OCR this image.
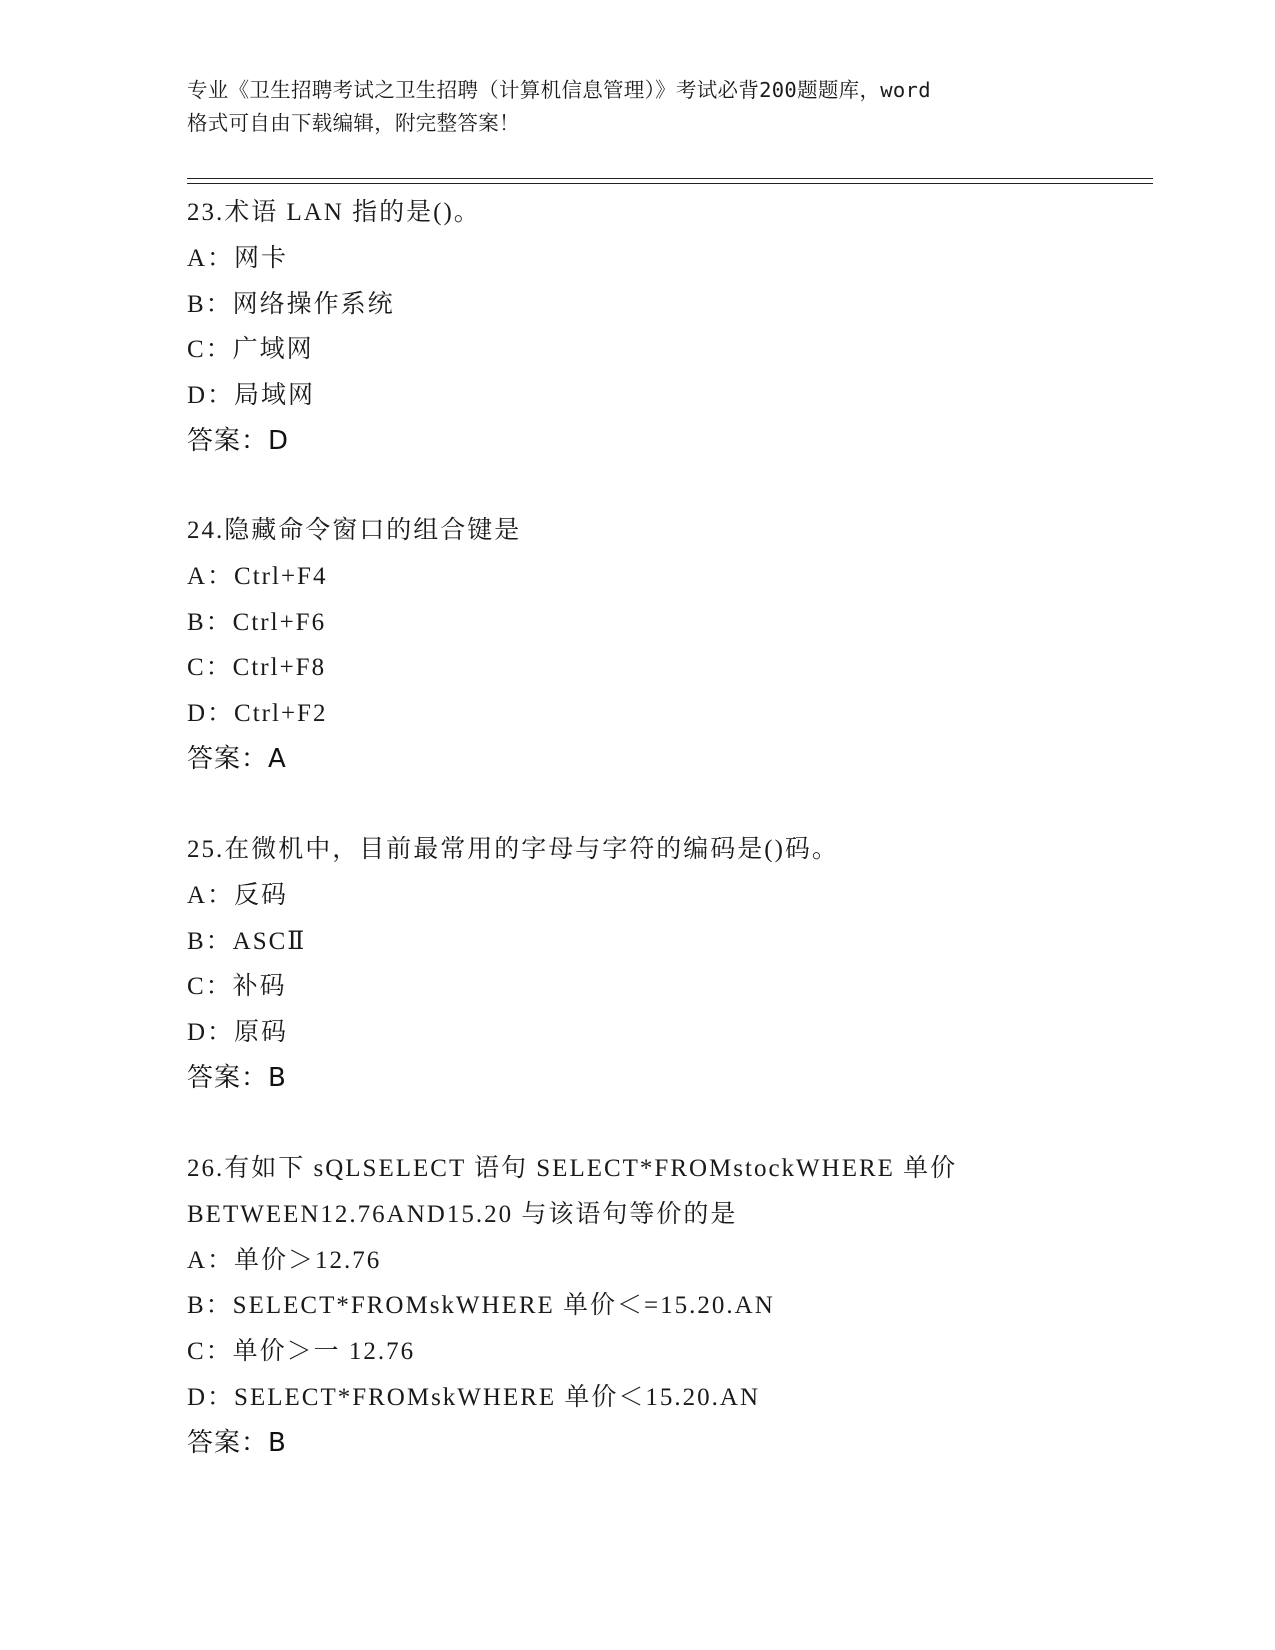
专业《卫生招聘考试之卫生招聘（计算机信息管理）》考试必背200题题库，word
格式可自由下载编辑，附完整答案！
23.术语 LAN 指的是()。
A：网卡
B：网络操作系统
C：广域网
D：局域网
答案：D
24.隐藏命令窗口的组合键是
A：Ctrl+F4
B：Ctrl+F6
C：Ctrl+F8
D：Ctrl+F2
答案：A
25.在微机中，目前最常用的字母与字符的编码是()码。
A：反码
B：ASCⅡ
C：补码
D：原码
答案：B
26.有如下 sQLSELECT 语句 SELECT*FROMstockWHERE 单价
BETWEEN12.76AND15.20 与该语句等价的是
A：单价＞12.76
B：SELECT*FROMskWHERE 单价＜=15.20.AN
C：单价＞一 12.76
D：SELECT*FROMskWHERE 单价＜15.20.AN
答案：B
